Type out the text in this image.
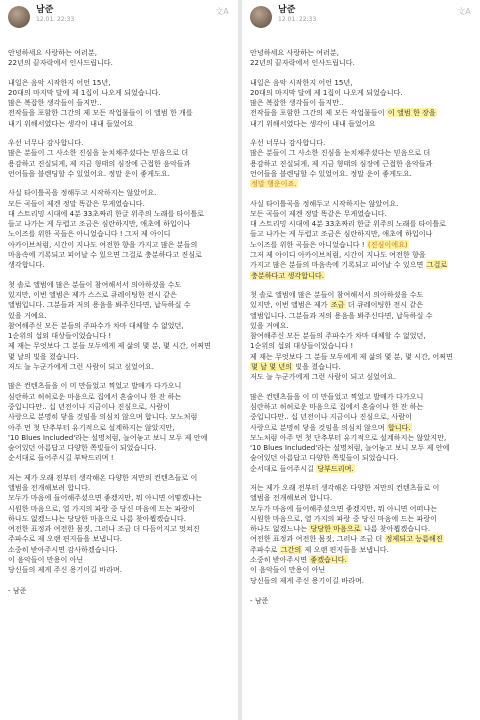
남준
12.01. 22:33
文A
안녕하세요 사랑하는 여러분,
22년의 끝자락에서 인사드립니다.
내일은 음악 시작한지 어언 15년,
20대의 마지막 달에 제 1집이 나오게 되었습니다.
많은 복잡한 생각들이 들지만..
전작들을 포함한 그간의 제 모든 작업물들이 이 앨범 한 개를
내기 위해서였다는 생각이 내내 들었어요
우선 너무나 감사합니다.
많은 분들이 그 사소한 진심을 눈치채주셨다는 믿음으로 더
용감하고 진실되게, 제 지금 형태의 심장에 근접한 음악들과
언어들을 블렌딩할 수 있었어요. 정말 운이 좋게도요.
사실 타이틀곡을 정해두고 시작하지는 않았어요.
모든 곡들이 제겐 정말 똑같은 무게였습니다.
대 스트리밍 시대에 4분 33초짜리 한글 위주의 노래를 타이틀로
들고 나가는 게 두렵고 조금은 심란하지만, 애초에 하입이나
노이즈를 위한 곡들은 아니었습니다 ! 그저 제 아이디
아카이브처럼, 시간이 지나도 여전한 향을 가지고 많은 분들의
마음속에 기록되고 피어날 수 있으면 그걸로 충분하다고 진심로
생각합니다.
첫 솔로 앨범에 많은 분들이 참여해서서 의아하셨을 수도
있지만, 이번 앨범은 제가 스스로 큐레이팅한 전시 같은
앨범입니다. 그분들과 저의 용음을 봐주신다면, 납득하실 수
있을 거예요.
참여해주신 모든 분들의 주파수가 차마 대체할 수 없었던,
1순위의 섭외 대상들이었습니다 !
제 재는 무엇보다 그 분들 모두에게 제 삶의 몇 분, 몇 시간, 어쩌면
몇 날의 빛을 졌습니다.
저도 늘 누군가에게 그런 사람이 되고 싶었어요.
많은 컨텐츠들을 이 미 만들었고 찍었고 발매가 다가오니
심란하고 허허로운 마음으로 집에서 혼술이나 한 잔 하는
중입니다만.. 십 년전이나 지금이나 진심으로, 사람이
사랑으로 분명히 닿을 것임을 의심치 않으며 합니다. 모노처럼
아주 먼 첫 단추부터 유기적으로 설계하지는 않았지만,
'10 Blues Included'라는 설명처럼, 늘어놓고 보니 모두 제 안에
숨어있던 아름답고 다양한 쪽빛들이 되었습니다.
순서대로 들어주시길 부탁드리며 !
저는 제가 오래 전부터 생각해온 다양한 저만의 컨텐츠들로 이
앨범을 전개해보려 합니다.
모두가 마음에 들어해주셨으면 좋겠지만, 뭐 아니면 어떻겠냐는
시원한 마음으로, 열 가지의 파랑 중 당신 마음에 드는 파랑이
하나도 없겠느냐는 당당한 마음으로 나름 찾아뵙겠습니다.
여전한 표정과 여전한 몸짓, 그러나 조금 더 다듬어지고 멋쳐진
주파수로 제 오랜 편지들을 보냅니다.
소중히 받아주시면 감사하겠습니다.
이 음악들이 만용이 아닌
당신들의 제게 주신 용기이길 바라며.
- 남준
남준
12.01. 22:33
文A
안녕하세요 사랑하는 여러분,
22년의 끝자락에서 인사드립니다.
내일은 음악 시작한지 어언 15년,
20대의 마지막 달에 제 1집이 나오게 되었습니다.
많은 복잡한 생각들이 들지만..
전작들을 포함한 그간의 제 모든 작업물들이 이 앨범 한 장을
내기 위해서였다는 생각이 내내 들었어요
우선 너무나 감사합니다.
많은 분들이 그 사소한 진심을 눈치채주셨다는 믿음으로 더
용감하고 진실되게, 제 지금 형태의 심장에 근접한 음악들과
언어들을 블렌딩할 수 있었어요. 정말 운이 좋게도요.
정말 행운이죠.
사실 타이틀곡을 정해두고 시작하지는 않았어요.
모든 곡들이 제겐 정말 똑같은 무게였습니다.
대 스트리밍 시대에 4분 33초짜리 한글 위주의 노래를 타이틀로
들고 나가는 게 두렵고 조금은 심란하지만, 애초에 하입이나
노이즈를 위한 곡들은 아니었습니다 ! (진심이에요)
그저 제 아이디 아카이브처럼, 시간이 지나도 여전한 향을
가지고 많은 분들의 마음속에 기록되고 피어날 수 있으면 그걸로
충분하다고 생각합니다.
첫 솔로 앨범에 많은 분들이 참여해서서 의아하셨을 수도
있지만, 이번 앨범은 제가 조금 더 큐레이팅한 전시 같은
앨범입니다. 그분들과 저의 용음을 봐주신다면, 납득하실 수
있을 거예요.
참여해주신 모든 분들의 주파수가 차마 대체할 수 없었던,
1순위의 섭외 대상들이었습니다 !
제 재는 무엇보다 그 분들 모두에게 제 삶의 몇 분, 몇 시간, 어쩌면
몇 날 몇 년의 빛을 졌습니다.
저도 늘 누군가에게 그런 사람이 되고 싶었어요.
많은 컨텐츠들을 이 미 만들었고 찍었고 발매가 다가오니
심란하고 허허로운 마음으로 집에서 혼술이나 한 잔 하는
중입니다만.. 십 년전이나 지금이나 진심으로, 사람이
사랑으로 분명히 닿을 것임을 의심치 않으며 합니다.
모노처럼 아주 먼 첫 단추부터 유기적으로 설계하지는 않았지만,
'10 Blues Included'라는 설명처럼, 늘어놓고 보니 모두 제 안에
숨어있던 아름답고 다양한 쪽빛들이 되었습니다.
순서대로 들어주시길 당부드리며.
저는 제가 오래 전부터 생각해온 다양한 저만의 컨텐츠들로 이
앨범을 전개해보려 합니다.
모두가 마음에 들어해주셨으면 좋겠지만, 뭐 아니면 어떠냐는
시원한 마음으로, 열 가지의 파랑 중 당신 마음에 드는 파랑이
하나도 없겠느냐는 당당한 마음으로 나름 찾아뵙겠습니다.
여전한 표정과 여전한 몸짓, 그러나 조금 더 정제되고 능름해진
주파수로 그간의 제 오랜 편지들을 보냅니다.
소중히 받아주시면 좋겠습니다.
이 음악들이 만용이 아닌
당신들의 제게 주신 용기이길 바라며.
- 남준
